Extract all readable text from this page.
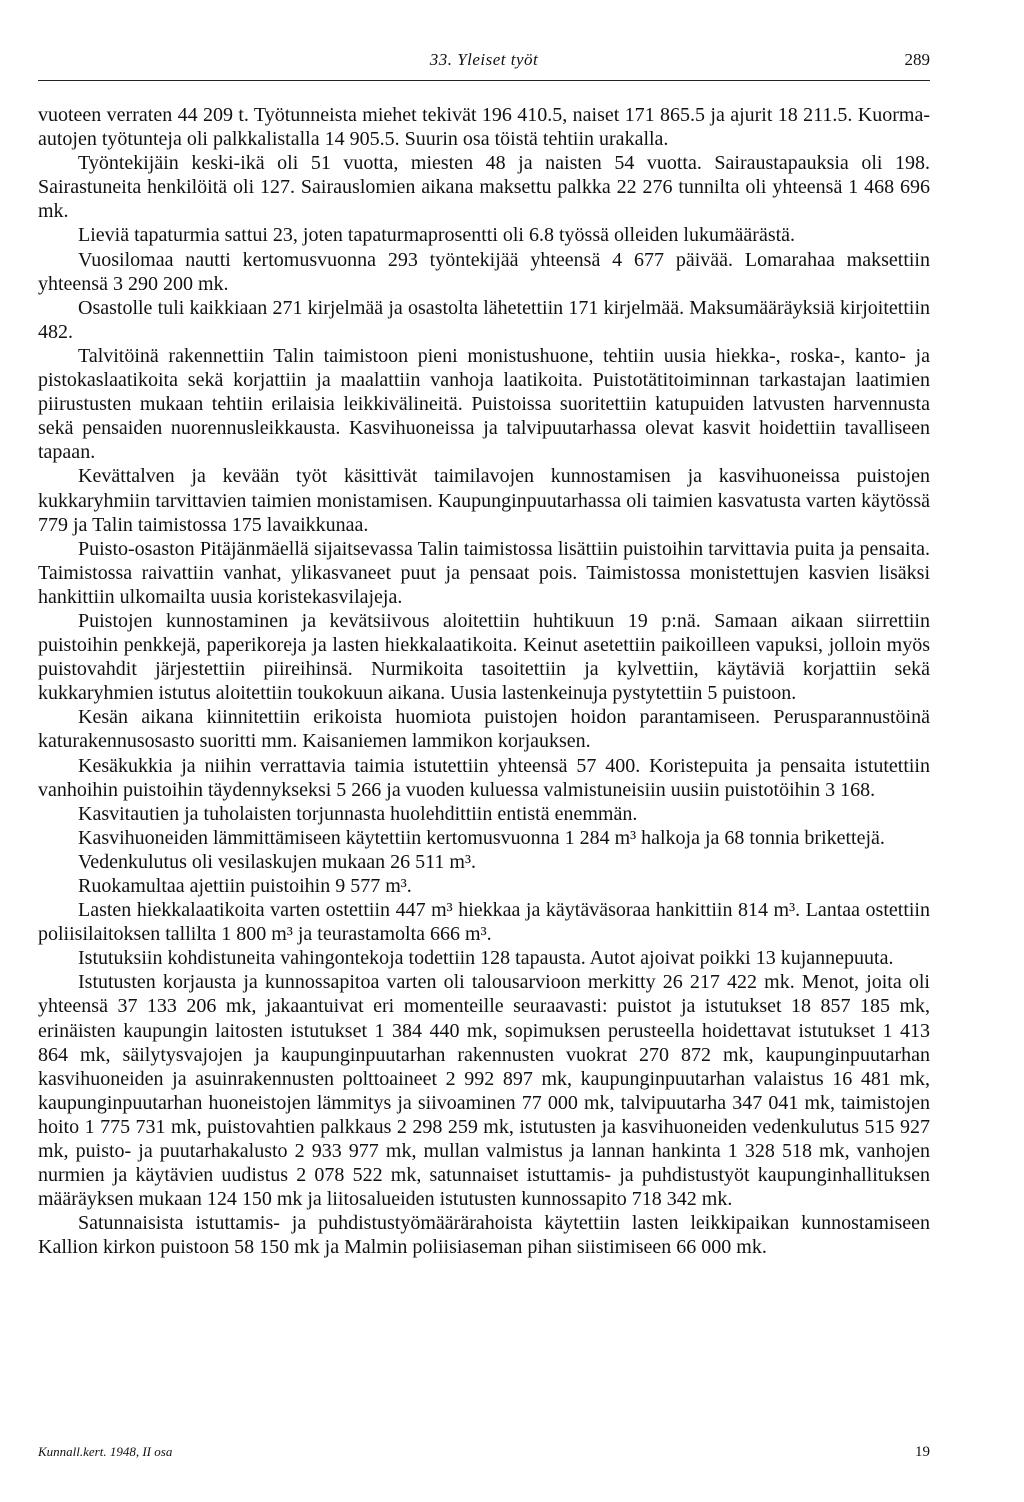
33. Yleiset työt	289

vuoteen verraten 44 209 t. Työtunneista miehet tekivät 196 410.5, naiset 171 865.5 ja ajurit 18 211.5. Kuorma-autojen työtunteja oli palkkalistalla 14 905.5. Suurin osa töistä tehtiin urakalla.

Työntekijäin keski-ikä oli 51 vuotta, miesten 48 ja naisten 54 vuotta. Sairaustapauksia oli 198. Sairastuneita henkilöitä oli 127. Sairauslomien aikana maksettu palkka 22 276 tunnilta oli yhteensä 1 468 696 mk.

Lieviä tapaturmia sattui 23, joten tapaturmaprosentti oli 6.8 työssä olleiden lukumäärästä.

Vuosilomaa nautti kertomusvuonna 293 työntekijää yhteensä 4 677 päivää. Lomarahaa maksettiin yhteensä 3 290 200 mk.

Osastolle tuli kaikkiaan 271 kirjelmää ja osastolta lähetettiin 171 kirjelmää. Maksumääräyksiä kirjoitettiin 482.

Talvitöinä rakennettiin Talin taimistoon pieni monistushuone, tehtiin uusia hiekka-, roska-, kanto- ja pistokaslaatikoita sekä korjattiin ja maalattiin vanhoja laatikoita. Puistotätitoiminnan tarkastajan laatimien piirustusten mukaan tehtiin erilaisia leikkivälineitä. Puistoissa suoritettiin katupuiden latvusten harvennusta sekä pensaiden nuorennusleikkausta. Kasvihuoneissa ja talvipuutarhassa olevat kasvit hoidettiin tavalliseen tapaan.

Kevättalven ja kevään työt käsittivät taimilavojen kunnostamisen ja kasvihuoneissa puistojen kukkaryhmiin tarvittavien taimien monistamisen. Kaupunginpuutarhassa oli taimien kasvatusta varten käytössä 779 ja Talin taimistossa 175 lavaikkunaa.

Puisto-osaston Pitäjänmäellä sijaitsevassa Talin taimistossa lisättiin puistoihin tarvittavia puita ja pensaita. Taimistossa raivattiin vanhat, ylikasvaneet puut ja pensaat pois. Taimistossa monistettujen kasvien lisäksi hankittiin ulkomailta uusia koristekasvilajeja.

Puistojen kunnostaminen ja kevätsiivous aloitettiin huhtikuun 19 p:nä. Samaan aikaan siirrettiin puistoihin penkkejä, paperikoreja ja lasten hiekkalaatikoita. Keinut asetettiin paikoilleen vapuksi, jolloin myös puistovahdit järjestettiin piireihinsä. Nurmikoita tasoitettiin ja kylvettiin, käytäviä korjattiin sekä kukkaryhmien istutus aloitettiin toukokuun aikana. Uusia lastenkeinuja pystytettiin 5 puistoon.

Kesän aikana kiinnitettiin erikoista huomiota puistojen hoidon parantamiseen. Perusparannustöinä katurakennusosasto suoritti mm. Kaisaniemen lammikon korjauksen.

Kesäkukkia ja niihin verrattavia taimia istutettiin yhteensä 57 400. Koristepuita ja pensaita istutettiin vanhoihin puistoihin täydennykseksi 5 266 ja vuoden kuluessa valmistuneisiin uusiin puistotöihin 3 168.

Kasvitautien ja tuholaisten torjunnasta huolehdittiin entistä enemmän.

Kasvihuoneiden lämmittämiseen käytettiin kertomusvuonna 1 284 m³ halkoja ja 68 tonnia brikettejä.

Vedenkulutus oli vesilaskujen mukaan 26 511 m³.

Ruokamultaa ajettiin puistoihin 9 577 m³.

Lasten hiekkalaatikoita varten ostettiin 447 m³ hiekkaa ja käytäväsoraa hankittiin 814 m³. Lantaa ostettiin poliisilaitoksen tallilta 1 800 m³ ja teurastamolta 666 m³.

Istutuksiin kohdistuneita vahingontekoja todettiin 128 tapausta. Autot ajoivat poikki 13 kujannepuuta.

Istutusten korjausta ja kunnossapitoa varten oli talousarvioon merkitty 26 217 422 mk. Menot, joita oli yhteensä 37 133 206 mk, jakaantuivat eri momenteille seuraavasti: puistot ja istutukset 18 857 185 mk, erinäisten kaupungin laitosten istutukset 1 384 440 mk, sopimuksen perusteella hoidettavat istutukset 1 413 864 mk, säilytysvajojen ja kaupunginpuutarhan rakennusten vuokrat 270 872 mk, kaupunginpuutarhan kasvihuoneiden ja asuinrakennusten polttoaineet 2 992 897 mk, kaupunginpuutarhan valaistus 16 481 mk, kaupunginpuutarhan huoneistojen lämmitys ja siivoaminen 77 000 mk, talvipuutarha 347 041 mk, taimistojen hoito 1 775 731 mk, puistovahtien palkkaus 2 298 259 mk, istutusten ja kasvihuoneiden vedenkulutus 515 927 mk, puisto- ja puutarhakalusto 2 933 977 mk, mullan valmistus ja lannan hankinta 1 328 518 mk, vanhojen nurmien ja käytävien uudistus 2 078 522 mk, satunnaiset istuttamis- ja puhdistustyöt kaupunginhallituksen määräyksen mukaan 124 150 mk ja liitosalueiden istutusten kunnossapito 718 342 mk.

Satunnaisista istuttamis- ja puhdistustyömäärärahoista käytettiin lasten leikkipaikan kunnostamiseen Kallion kirkon puistoon 58 150 mk ja Malmin poliisiaseman pihan siistimiseen 66 000 mk.

Kunnall.kert. 1948, II osa	19
